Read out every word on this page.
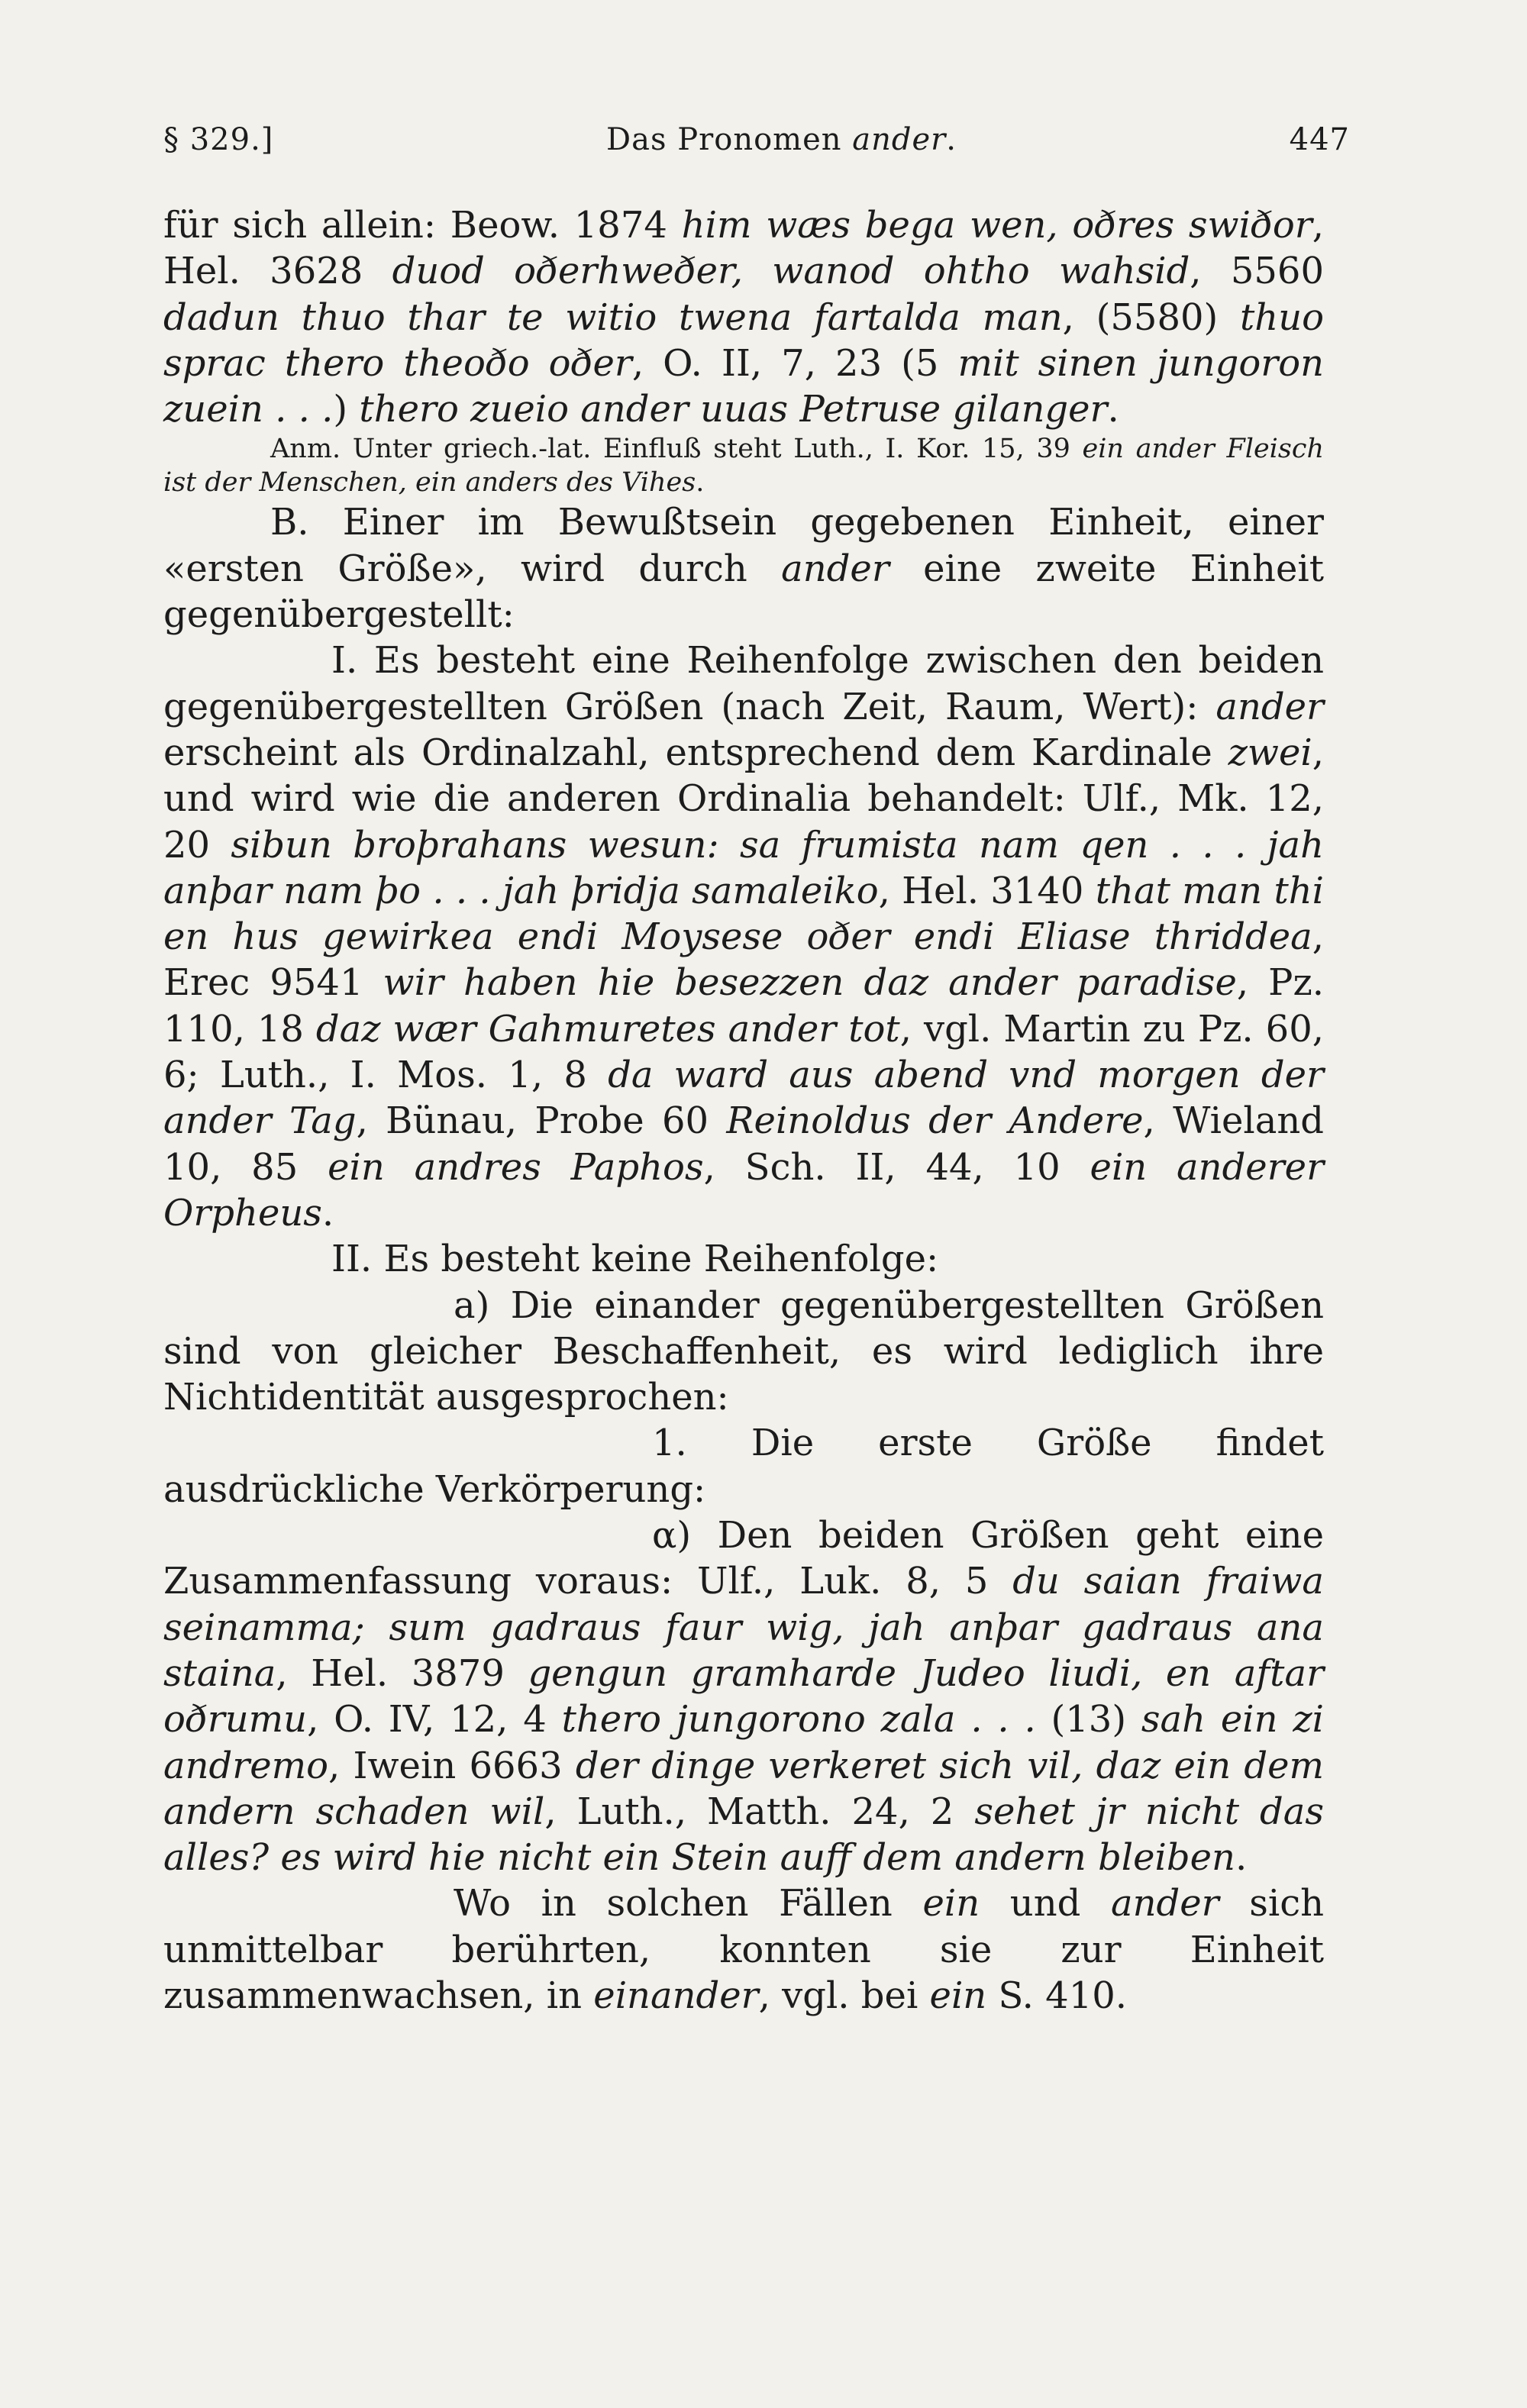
§ 329.]	Das Pronomen ander.	447

für sich allein: Beow. 1874 him wæs bega wen, oðres swiðor, Hel. 3628 duod oðerhweðer, wanod ohtho wahsid, 5560 dadun thuo thar te witio twena fartalda man, (5580) thuo sprac thero theoðo oðer, O. II, 7, 23 (5 mit sinen jungoron zuein . . .) thero zueio ander uuas Petruse gilanger.

Anm. Unter griech.-lat. Einfluß steht Luth., I. Kor. 15, 39 ein ander Fleisch ist der Menschen, ein anders des Vihes.

B. Einer im Bewußtsein gegebenen Einheit, einer «ersten Größe», wird durch ander eine zweite Einheit gegenübergestellt:

I. Es besteht eine Reihenfolge zwischen den beiden gegenübergestellten Größen (nach Zeit, Raum, Wert): ander erscheint als Ordinalzahl, entsprechend dem Kardinale zwei, und wird wie die anderen Ordinalia behandelt: Ulf., Mk. 12, 20 sibun broþrahans wesun: sa frumista nam qen . . . jah anþar nam þo . . . jah þridja samaleiko, Hel. 3140 that man thi en hus gewirkea endi Moysese oðer endi Eliase thriddea, Erec 9541 wir haben hie besezzen daz ander paradise, Pz. 110, 18 daz wær Gahmuretes ander tot, vgl. Martin zu Pz. 60, 6; Luth., I. Mos. 1, 8 da ward aus abend vnd morgen der ander Tag, Bünau, Probe 60 Reinoldus der Andere, Wieland 10, 85 ein andres Paphos, Sch. II, 44, 10 ein anderer Orpheus.

II. Es besteht keine Reihenfolge:

a) Die einander gegenübergestellten Größen sind von gleicher Beschaffenheit, es wird lediglich ihre Nichtidentität ausgesprochen:

1. Die erste Größe findet ausdrückliche Verkörperung:

α) Den beiden Größen geht eine Zusammenfassung voraus: Ulf., Luk. 8, 5 du saian fraiwa seinamma; sum gadraus faur wig, jah anþar gadraus ana staina, Hel. 3879 gengun gramharde Judeo liudi, en aftar oðrumu, O. IV, 12, 4 thero jungorono zala . . . (13) sah ein zi andremo, Iwein 6663 der dinge verkeret sich vil, daz ein dem andern schaden wil, Luth., Matth. 24, 2 sehet jr nicht das alles? es wird hie nicht ein Stein auff dem andern bleiben.

Wo in solchen Fällen ein und ander sich unmittelbar berührten, konnten sie zur Einheit zusammenwachsen, in einander, vgl. bei ein S. 410.
